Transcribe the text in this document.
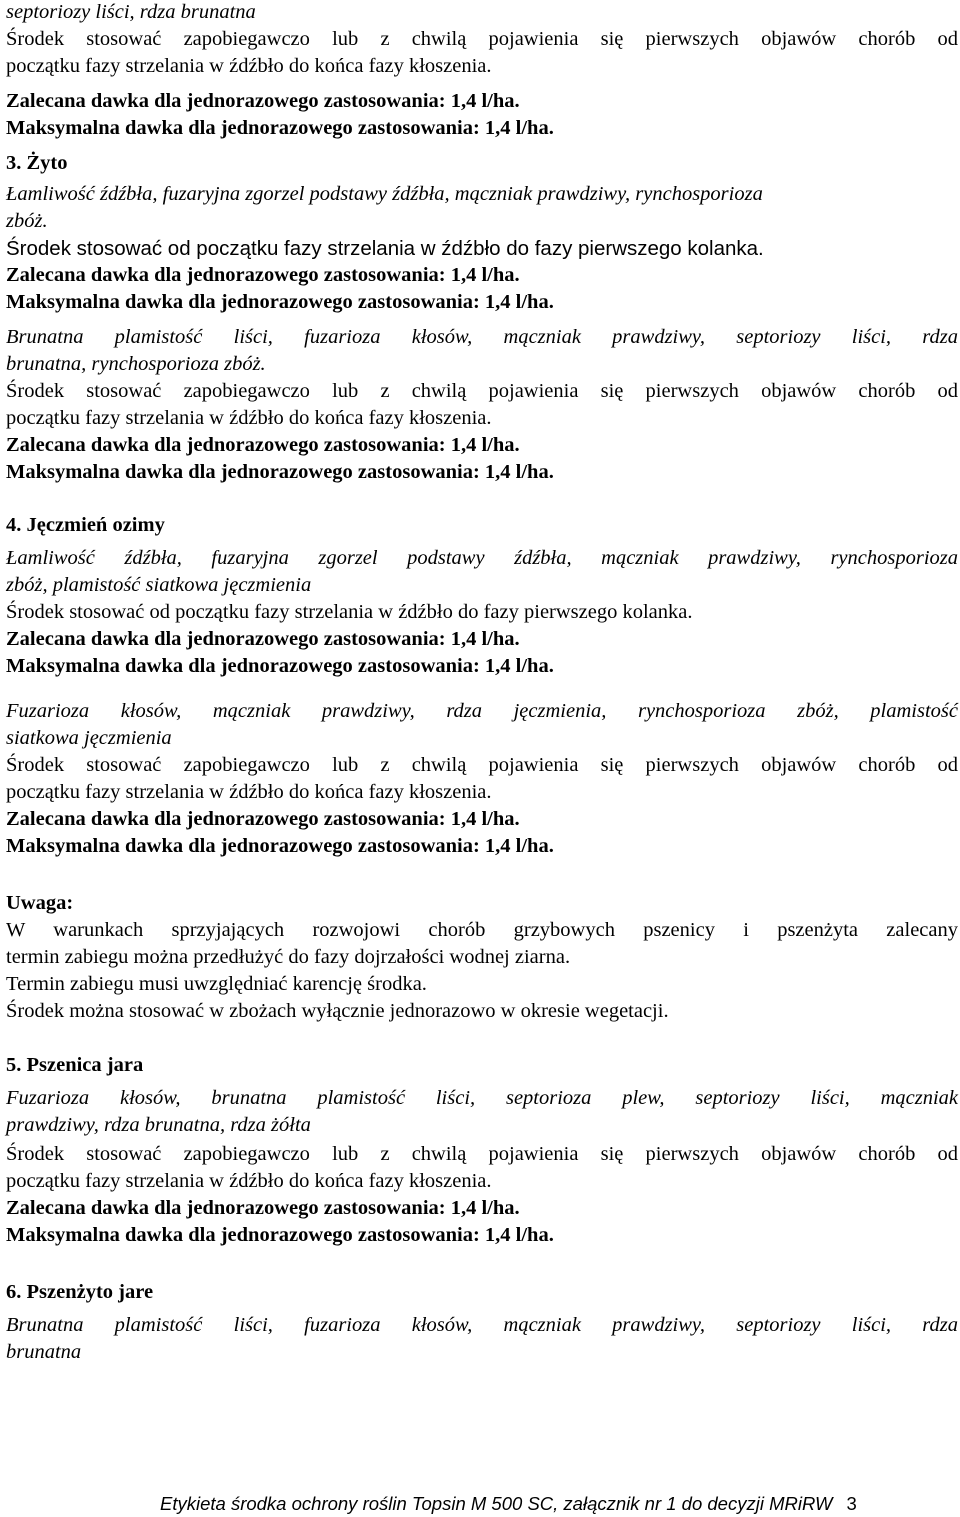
septoriozy liści, rdza brunatna
Środek stosować zapobiegawczo lub z chwilą pojawienia się pierwszych objawów chorób od
początku fazy strzelania w źdźbło do końca fazy kłoszenia.
Zalecana dawka dla jednorazowego zastosowania: 1,4 l/ha.
Maksymalna dawka dla jednorazowego zastosowania: 1,4 l/ha.
3. Żyto
Łamliwość źdźbła, fuzaryjna zgorzel podstawy źdźbła, mączniak prawdziwy, rynchosporioza
zbóż.
Środek stosować od początku fazy strzelania w źdźbło do fazy pierwszego kolanka.
Zalecana dawka dla jednorazowego zastosowania: 1,4 l/ha.
Maksymalna dawka dla jednorazowego zastosowania: 1,4 l/ha.
Brunatna plamistość liści, fuzarioza kłosów, mączniak prawdziwy, septoriozy liści, rdza
brunatna, rynchosporioza zbóż.
Środek stosować zapobiegawczo lub z chwilą pojawienia się pierwszych objawów chorób od
początku fazy strzelania w źdźbło do końca fazy kłoszenia.
Zalecana dawka dla jednorazowego zastosowania: 1,4 l/ha.
Maksymalna dawka dla jednorazowego zastosowania: 1,4 l/ha.
4. Jęczmień ozimy
Łamliwość źdźbła, fuzaryjna zgorzel podstawy źdźbła, mączniak prawdziwy, rynchosporioza
zbóż, plamistość siatkowa jęczmienia
Środek stosować od początku fazy strzelania w źdźbło do fazy pierwszego kolanka.
Zalecana dawka dla jednorazowego zastosowania: 1,4 l/ha.
Maksymalna dawka dla jednorazowego zastosowania: 1,4 l/ha.
Fuzarioza kłosów, mączniak prawdziwy, rdza jęczmienia, rynchosporioza zbóż, plamistość
siatkowa jęczmienia
Środek stosować zapobiegawczo lub z chwilą pojawienia się pierwszych objawów chorób od
początku fazy strzelania w źdźbło do końca fazy kłoszenia.
Zalecana dawka dla jednorazowego zastosowania: 1,4 l/ha.
Maksymalna dawka dla jednorazowego zastosowania: 1,4 l/ha.
Uwaga:
W warunkach sprzyjających rozwojowi chorób grzybowych pszenicy i pszenżyta zalecany
termin zabiegu można przedłużyć do fazy dojrzałości wodnej ziarna.
Termin zabiegu musi uwzględniać karencję środka.
Środek można stosować w zbożach wyłącznie jednorazowo w okresie wegetacji.
5. Pszenica jara
Fuzarioza kłosów, brunatna plamistość liści, septorioza plew, septoriozy liści, mączniak
prawdziwy, rdza brunatna, rdza żółta
Środek stosować zapobiegawczo lub z chwilą pojawienia się pierwszych objawów chorób od
początku fazy strzelania w źdźbło do końca fazy kłoszenia.
Zalecana dawka dla jednorazowego zastosowania: 1,4 l/ha.
Maksymalna dawka dla jednorazowego zastosowania: 1,4 l/ha.
6. Pszenżyto jare
Brunatna plamistość liści, fuzarioza kłosów, mączniak prawdziwy, septoriozy liści, rdza
brunatna
Etykieta środka ochrony roślin Topsin M 500 SC, załącznik nr 1 do decyzji MRiRW 3
